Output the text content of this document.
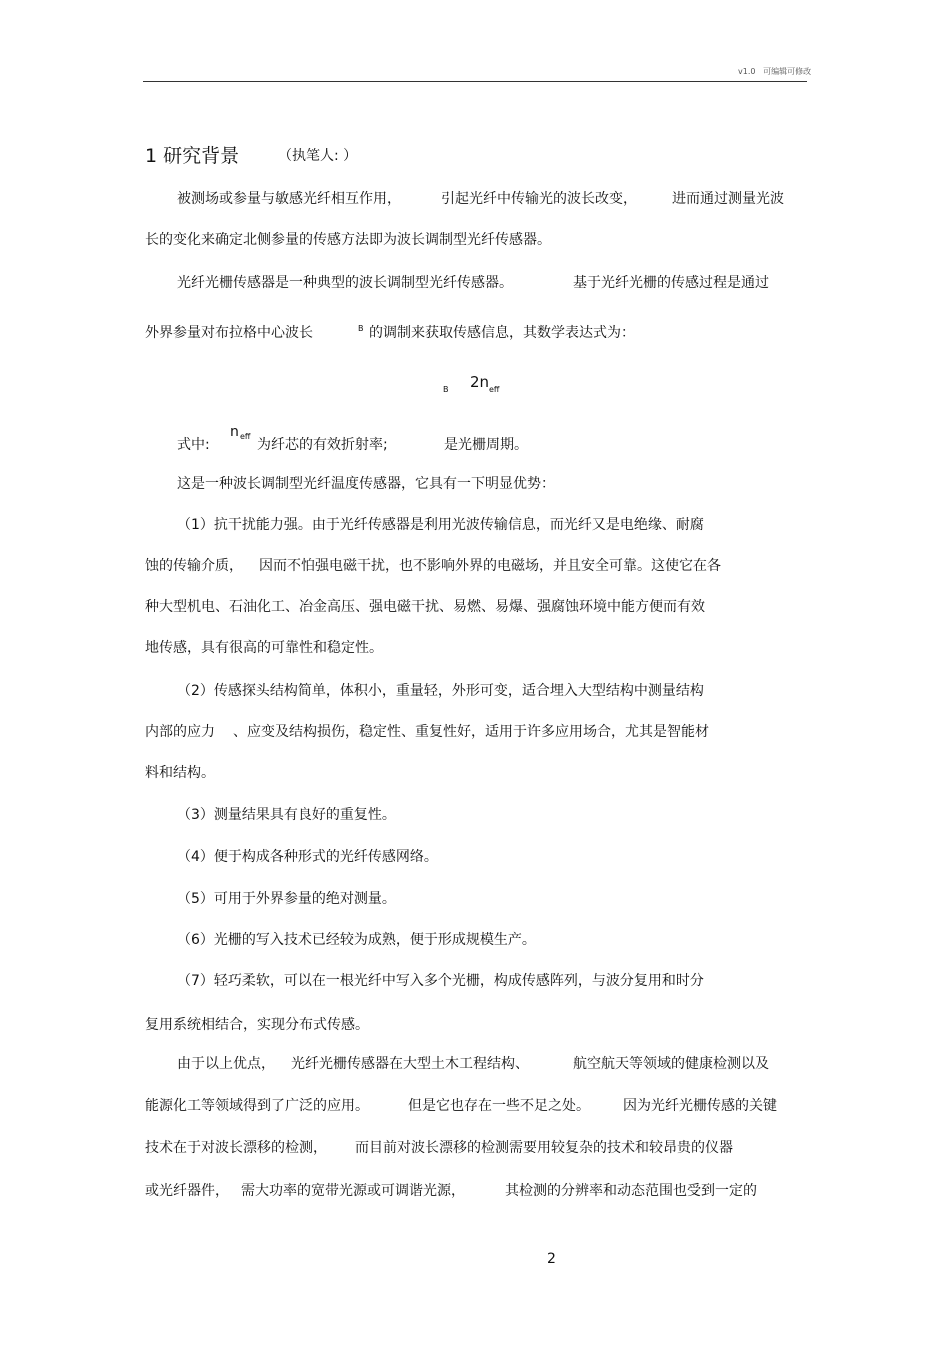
v1.0 可编辑可修改
1 研究背景	（执笔人: ）
被测场或参量与敏感光纤相互作用，	引起光纤中传输光的波长改变，	进而通过测量光波
长的变化来确定北侧参量的传感方法即为波长调制型光纤传感器。
光纤光栅传感器是一种典型的波长调制型光纤传感器。	基于光纤光栅的传感过程是通过
外界参量对布拉格中心波长	B 的调制来获取传感信息，其数学表达式为：
B 2n eff
式中:
n eff
为纤芯的有效折射率;	是光栅周期。
这是一种波长调制型光纤温度传感器，它具有一下明显优势：
（1）抗干扰能力强。由于光纤传感器是利用光波传输信息，而光纤又是电绝缘、耐腐
蚀的传输介质， 因而不怕强电磁干扰，也不影响外界的电磁场，并且安全可靠。这使它在各
种大型机电、石油化工、冶金高压、强电磁干扰、易燃、易爆、强腐蚀环境中能方便而有效
地传感，具有很高的可靠性和稳定性。
（2）传感探头结构简单，体积小，重量轻，外形可变，适合埋入大型结构中测量结构
内部的应力 、应变及结构损伤，稳定性、重复性好，适用于许多应用场合，尤其是智能材
料和结构。
（3）测量结果具有良好的重复性。
（4）便于构成各种形式的光纤传感网络。
（5）可用于外界参量的绝对测量。
（6）光栅的写入技术已经较为成熟，便于形成规模生产。
（7）轻巧柔软，可以在一根光纤中写入多个光栅，构成传感阵列，与波分复用和时分
复用系统相结合，实现分布式传感。
由于以上优点， 光纤光栅传感器在大型土木工程结构、	航空航天等领域的健康检测以及
能源化工等领域得到了广泛的应用。	但是它也存在一些不足之处。 因为光纤光栅传感的关键
技术在于对波长漂移的检测， 而目前对波长漂移的检测需要用较复杂的技术和较昂贵的仪器
或光纤器件， 需大功率的宽带光源或可调谐光源，	其检测的分辨率和动态范围也受到一定的
2
